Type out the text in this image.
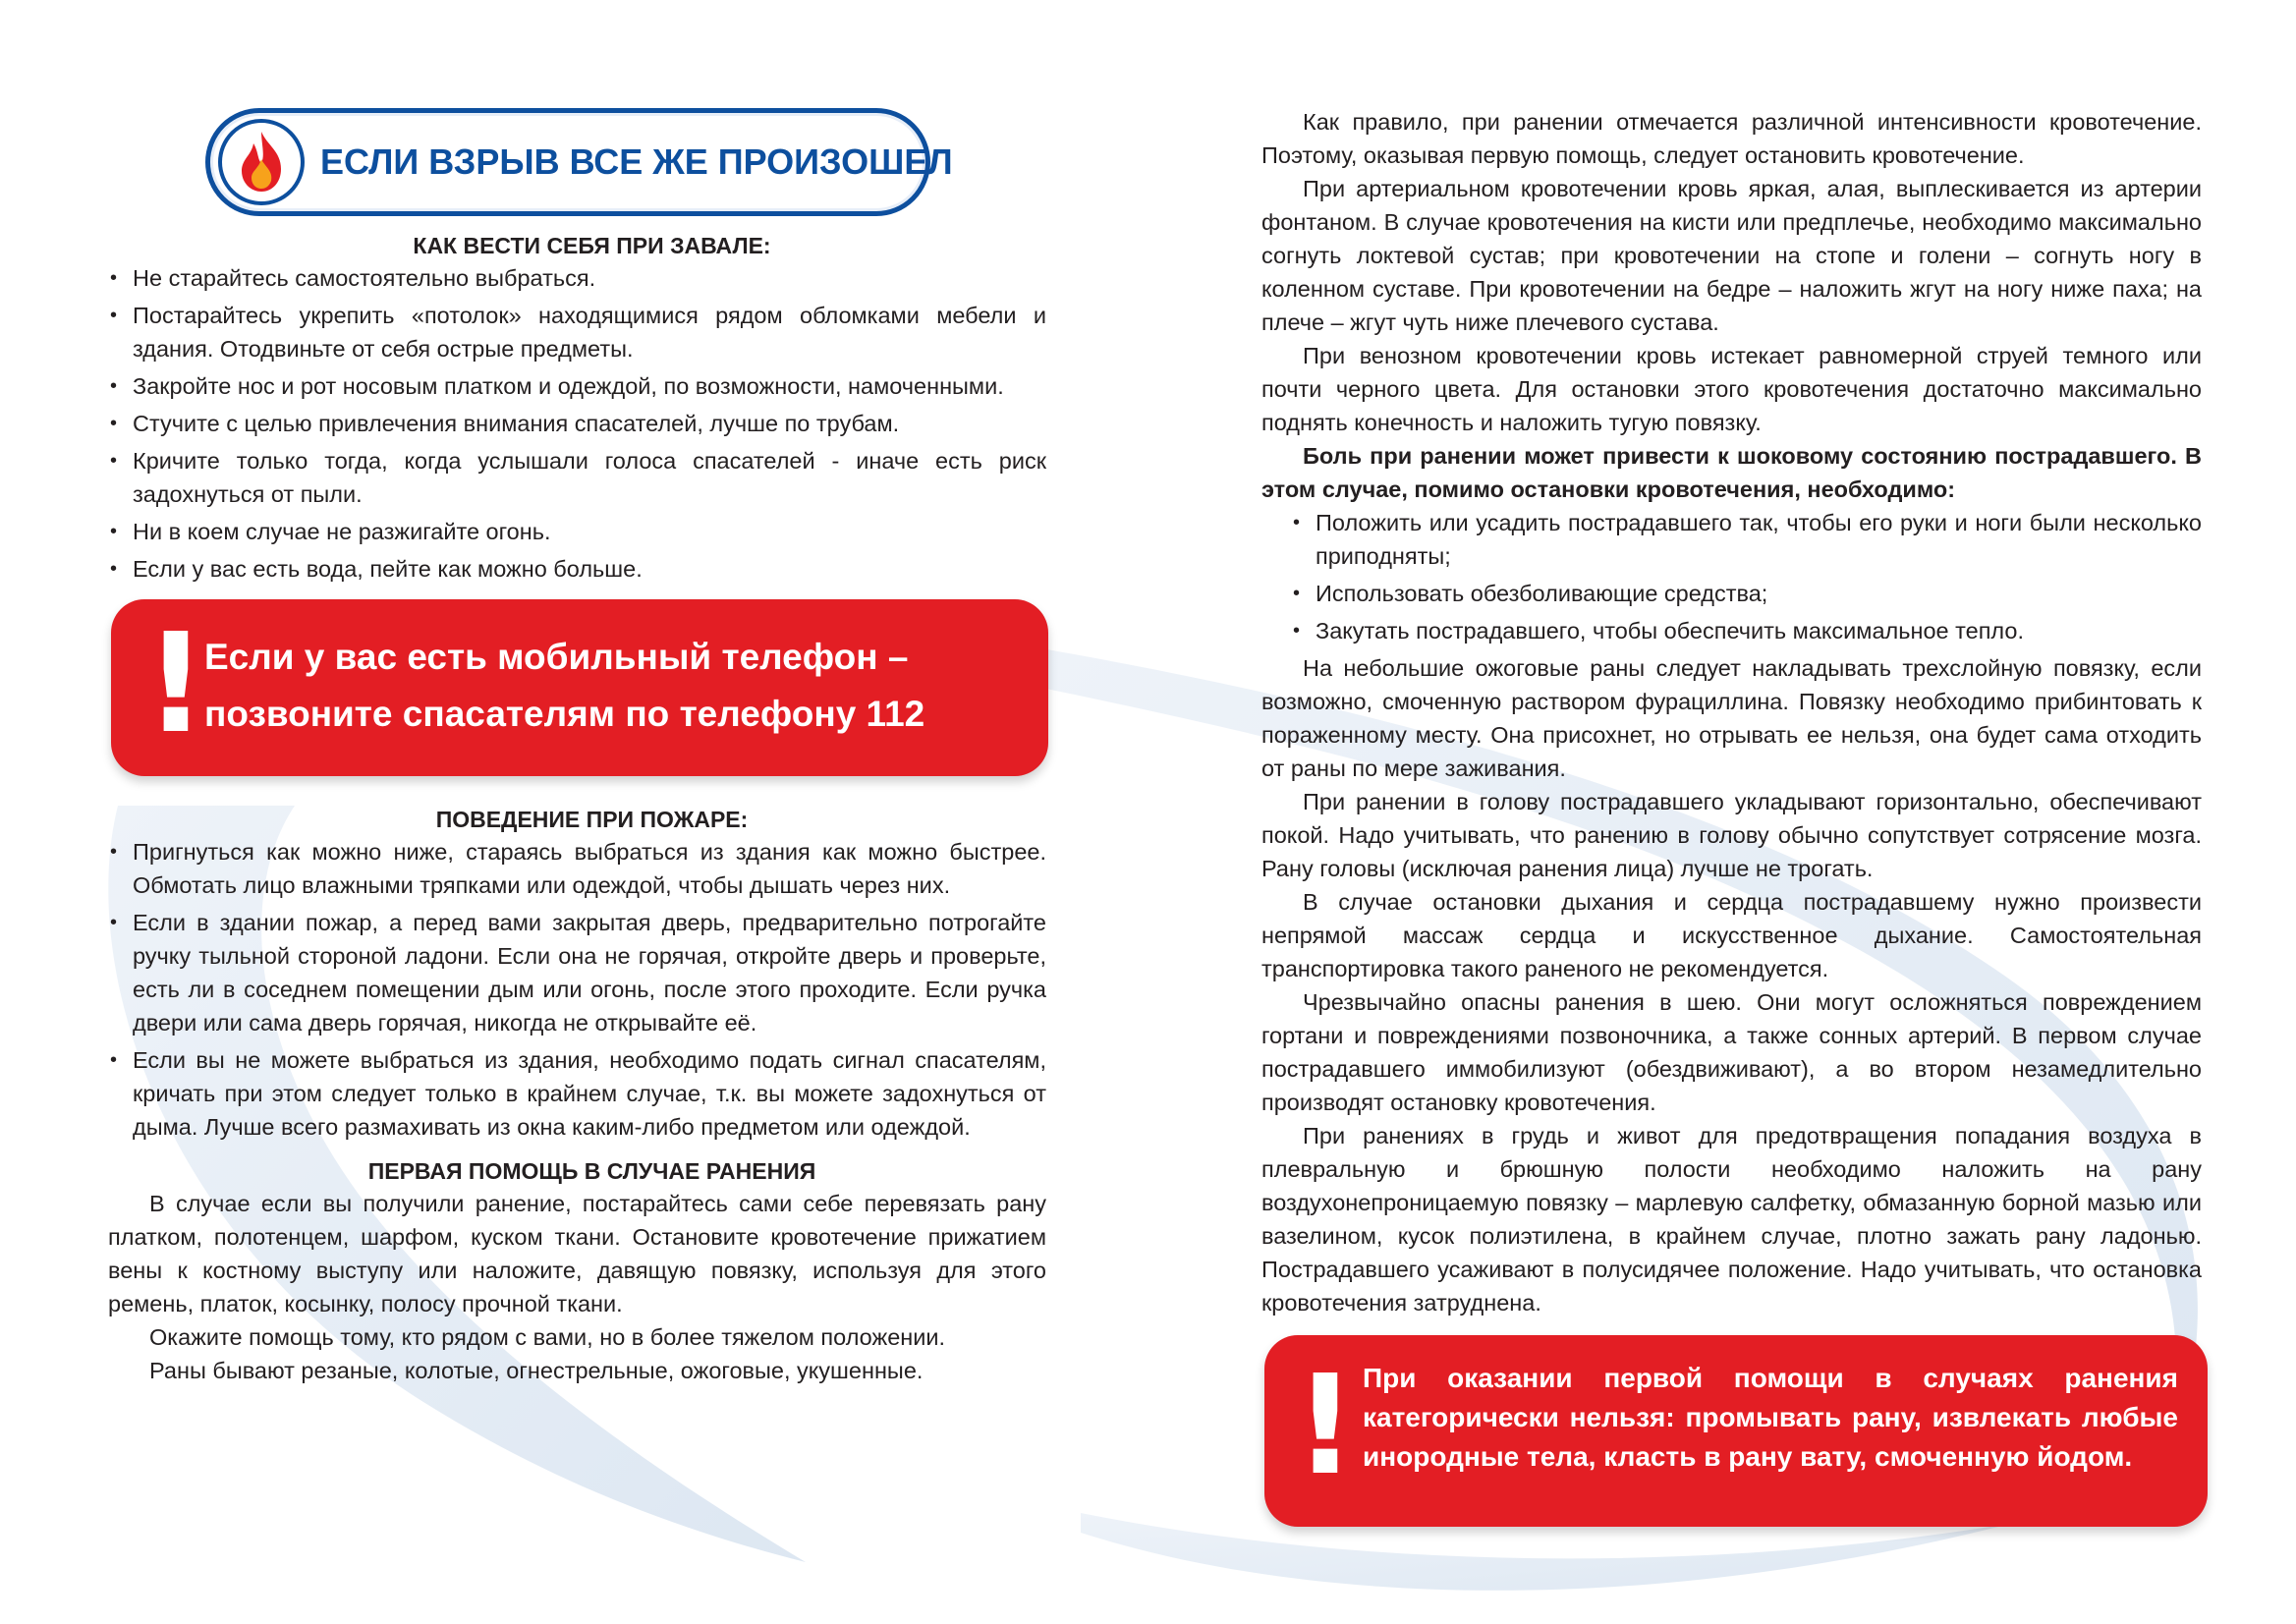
ЕСЛИ ВЗРЫВ ВСЕ ЖЕ ПРОИЗОШЕЛ

КАК ВЕСТИ СЕБЯ ПРИ ЗАВАЛЕ:

• Не старайтесь самостоятельно выбраться.
• Постарайтесь укрепить «потолок» находящимися рядом обломками мебели и здания. Отодвиньте от себя острые предметы.
• Закройте нос и рот носовым платком и одеждой, по возможности, намоченными.
• Стучите с целью привлечения внимания спасателей, лучше по трубам.
• Кричите только тогда, когда услышали голоса спасателей - иначе есть риск задохнуться от пыли.
• Ни в коем случае не разжигайте огонь.
• Если у вас есть вода, пейте как можно больше.
!
Если у вас есть мобильный телефон –
позвоните спасателям по телефону 112

ПОВЕДЕНИЕ ПРИ ПОЖАРЕ:

• Пригнуться как можно ниже, стараясь выбраться из здания как можно быстрее. Обмотать лицо влажными тряпками или одеждой, чтобы дышать через них.
• Если в здании пожар, а перед вами закрытая дверь, предварительно потрогайте ручку тыльной стороной ладони. Если она не горячая, откройте дверь и проверьте, есть ли в соседнем помещении дым или огонь, после этого проходите. Если ручка двери или сама дверь горячая, никогда не открывайте её.
• Если вы не можете выбраться из здания, необходимо подать сигнал спасателям, кричать при этом следует только в крайнем случае, т.к. вы можете задохнуться от дыма. Лучше всего размахивать из окна каким-либо предметом или одеждой.

ПЕРВАЯ ПОМОЩЬ В СЛУЧАЕ РАНЕНИЯ

В случае если вы получили ранение, постарайтесь сами себе перевязать рану платком, полотенцем, шарфом, куском ткани. Остановите кровотечение прижатием вены к костному выступу или наложите, давящую повязку, используя для этого ремень, платок, косынку, полосу прочной ткани.

Окажите помощь тому, кто рядом с вами, но в более тяжелом положении.

Раны бывают резаные, колотые, огнестрельные, ожоговые, укушенные.

Как правило, при ранении отмечается различной интенсивности кровотечение. Поэтому, оказывая первую помощь, следует остановить кровотечение.

При артериальном кровотечении кровь яркая, алая, выплескивается из артерии фонтаном. В случае кровотечения на кисти или предплечье, необходимо максимально согнуть локтевой сустав; при кровотечении на стопе и голени – согнуть ногу в коленном суставе. При кровотечении на бедре – наложить жгут на ногу ниже паха; на плече – жгут чуть ниже плечевого сустава.

При венозном кровотечении кровь истекает равномерной струей темного или почти черного цвета. Для остановки этого кровотечения достаточно максимально поднять конечность и наложить тугую повязку.

Боль при ранении может привести к шоковому состоянию пострадавшего. В этом случае, помимо остановки кровотечения, необходимо:

• Положить или усадить пострадавшего так, чтобы его руки и ноги были несколько приподняты;
• Использовать обезболивающие средства;
• Закутать пострадавшего, чтобы обеспечить максимальное тепло.

На небольшие ожоговые раны следует накладывать трехслойную повязку, если возможно, смоченную раствором фурациллина. Повязку необходимо прибинтовать к пораженному месту. Она присохнет, но отрывать ее нельзя, она будет сама отходить от раны по мере заживания.

При ранении в голову пострадавшего укладывают горизонтально, обеспечивают покой. Надо учитывать, что ранению в голову обычно сопутствует сотрясение мозга. Рану головы (исключая ранения лица) лучше не трогать.

В случае остановки дыхания и сердца пострадавшему нужно произвести непрямой массаж сердца и искусственное дыхание. Самостоятельная транспортировка такого раненого не рекомендуется.

Чрезвычайно опасны ранения в шею. Они могут осложняться повреждением гортани и повреждениями позвоночника, а также сонных артерий. В первом случае пострадавшего иммобилизуют (обездвиживают), а во втором незамедлительно производят остановку кровотечения.

При ранениях в грудь и живот для предотвращения попадания воздуха в плевральную и брюшную полости необходимо наложить на рану воздухонепроницаемую повязку – марлевую салфетку, обмазанную борной мазью или вазелином, кусок полиэтилена, в крайнем случае, плотно зажать рану ладонью. Пострадавшего усаживают в полусидячее положение. Надо учитывать, что остановка кровотечения затруднена.

! При оказании первой помощи в случаях ранения категорически нельзя: промывать рану, извлекать любые инородные тела, класть в рану вату, смоченную йодом.
